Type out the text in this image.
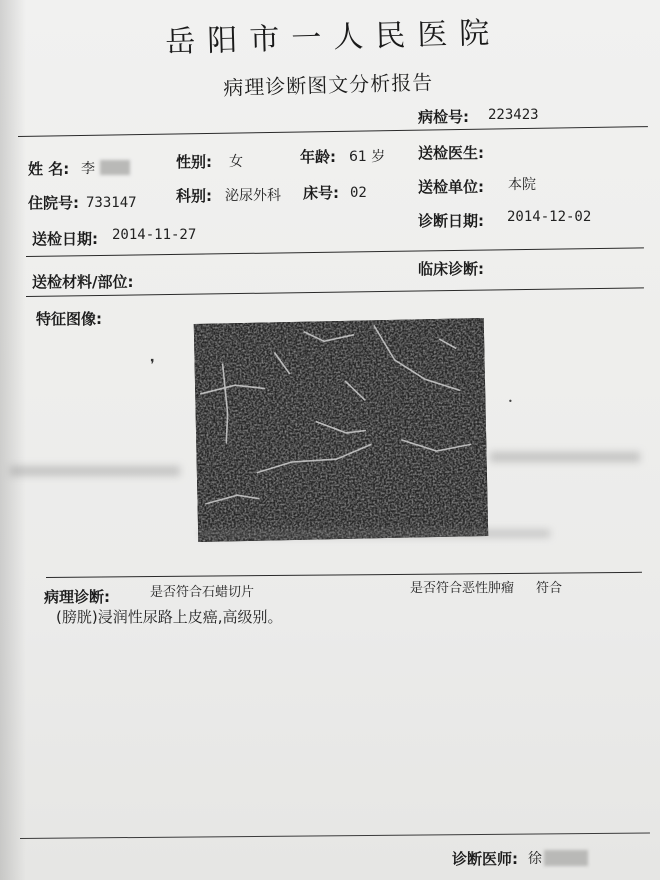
岳阳市一人民医院
病理诊断图文分析报告
病检号: 223423
姓 名: 李	性别: 女	年龄: 61 岁 送检医生:
住院号: 733147	科别: 泌尿外科 床号: 02	送检单位: 本院
送检日期: 2014-11-27
诊断日期: 2014-12-02
送检材料/部位:
临床诊断:
特征图像:
❜
•
病理诊断:	是否符合石蜡切片	是否符合恶性肿瘤 符合
(膀胱)浸润性尿路上皮癌,高级别。
诊断医师: 徐
